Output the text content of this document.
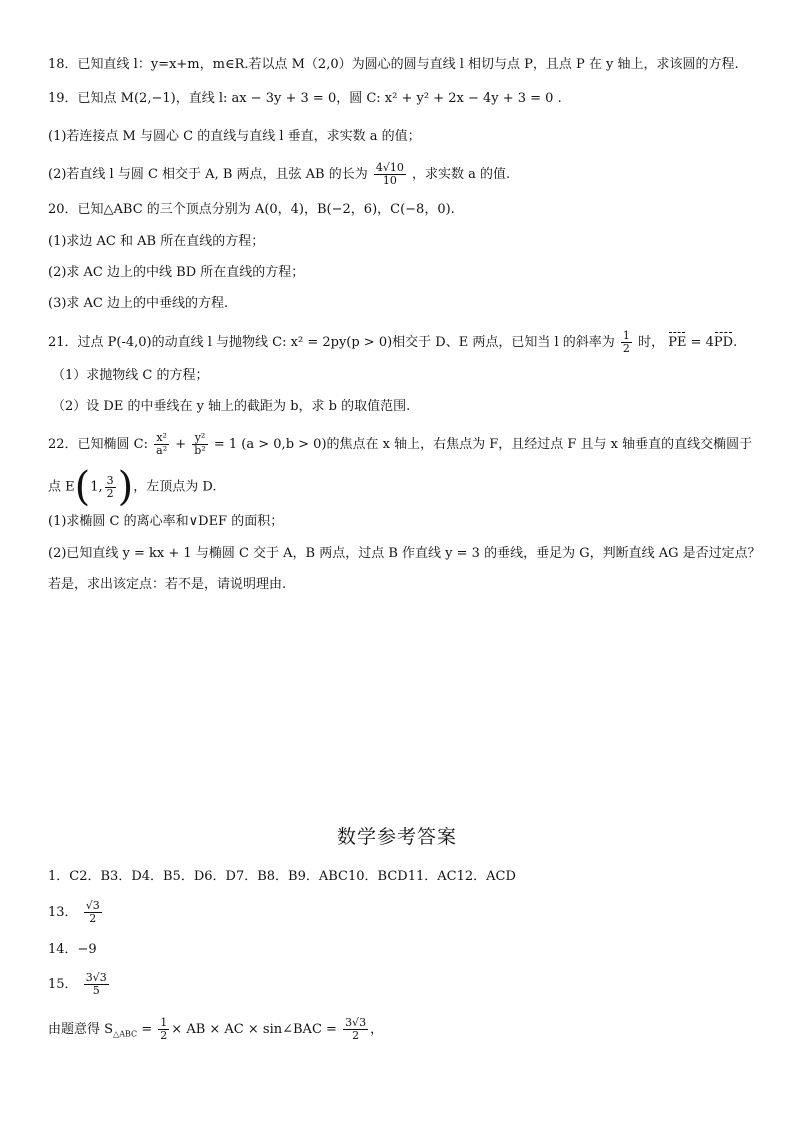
18．已知直线 l：y=x+m，m∈R.若以点 M（2,0）为圆心的圆与直线 l 相切与点 P，且点 P 在 y 轴上，求该圆的方程.
19．已知点 M(2,−1)，直线 l: ax − 3y + 3 = 0，圆 C: x² + y² + 2x − 4y + 3 = 0 .
(1)若连接点 M 与圆心 C 的直线与直线 l 垂直，求实数 a 的值；
(2)若直线 l 与圆 C 相交于 A, B 两点，且弦 AB 的长为 $\frac{4√10}{10}$ ，求实数 a 的值.
20．已知△ABC 的三个顶点分别为 A(0，4)，B(−2，6)，C(−8，0).
(1)求边 AC 和 AB 所在直线的方程；
(2)求 AC 边上的中线 BD 所在直线的方程；
(3)求 AC 边上的中垂线的方程.
21．过点 P(-4,0)的动直线 l 与抛物线 C: x² = 2py(p > 0)相交于 D、E 两点，已知当 l 的斜率为 $\frac{1}{2}$ 时， PE = 4PD.
（1）求抛物线 C 的方程；
（2）设 DE 的中垂线在 y 轴上的截距为 b，求 b 的取值范围.
22．已知椭圆 C: $\frac{\text{x²}}{\text{a²}} + \frac{\text{y²}}{\text{b²}} = 1$ (a > 0,b > 0)的焦点在 x 轴上，右焦点为 F，且经过点 F 且与 x 轴垂直的直线交椭圆于
点 E(1, $\frac{3}{2}$ )，左顶点为 D.
(1)求椭圆 C 的离心率和∨DEF 的面积；
(2)已知直线 y = kx + 1 与椭圆 C 交于 A，B 两点，过点 B 作直线 y = 3 的垂线，垂足为 G，判断直线 AG 是否过定点？
若是，求出该定点：若不是，请说明理由.
数学参考答案
1．C2．B3．D4．B5．D6．D7．B8．B9．ABC10．BCD11．AC12．ACD
13． $\frac{√3}{2}$
14．−9
15． $\frac{3√3}{5}$
由题意得 $S_{\triangle ABC} = \frac{1}{2}$ × AB × AC × sin∠BAC = $\frac{3√3}{2}$ ，
